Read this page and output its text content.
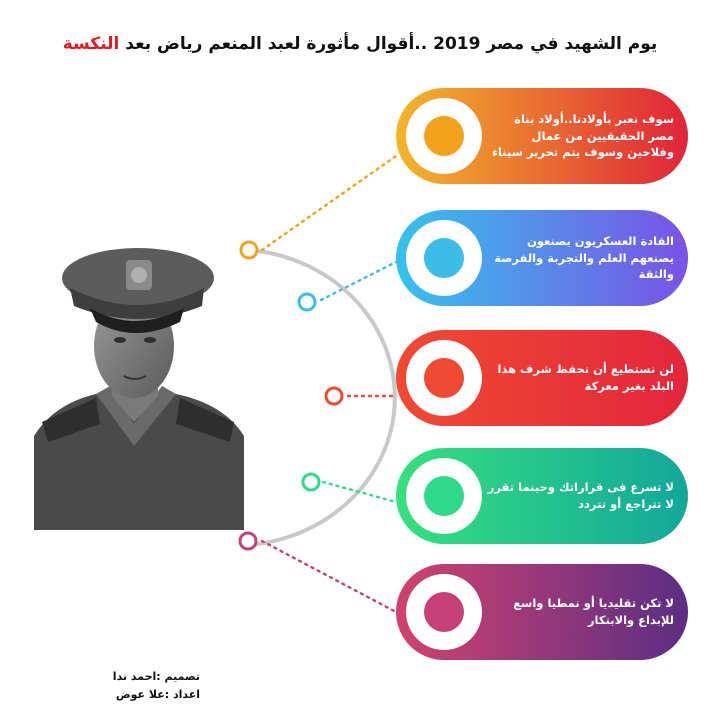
يوم الشهيد في مصر 2019 ..أقوال مأثورة لعبد المنعم رياض بعد النكسة
سوف نعبر بأولادنا..أولاد بناة مصر الحقيقيين من عمال وفلاحين وسوف يتم تحرير سيناء
القادة العسكريون يصنعون يصنعهم العلم والتجربة والفرصة والثقة
لن نستطيع أن نحفظ شرف هذا البلد بغير معركة
لا تسرع فى قراراتك وحينما تقرر لا تتراجع أو تتردد
لا تكن تقليديا أو نمطيا واسع للإبداع والابتكار
تصميم :احمد ندا
اعداد :علا عوض
